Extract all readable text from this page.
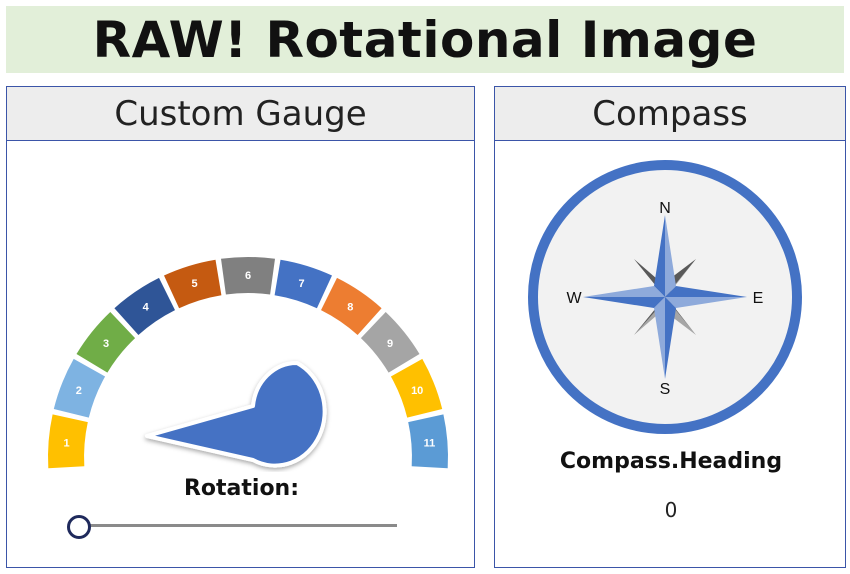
RAW! Rotational Image
Custom Gauge
1
2
3
4
5
6
7
8
9
10
11
Rotation:
Compass
N
S
E
W
Compass.Heading
0
